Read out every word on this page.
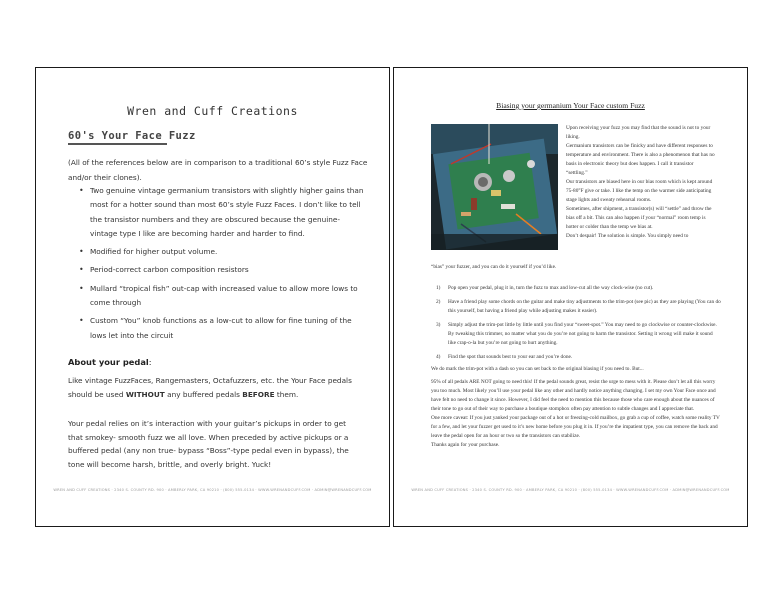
Wren and Cuff Creations
60's Your Face Fuzz
(All of the references below are in comparison to a traditional 60’s style Fuzz Face and/or their clones).
• Two genuine vintage germanium transistors with slightly higher gains than most for a hotter sound than most 60’s style Fuzz Faces. I don’t like to tell the transistor numbers and they are obscured because the genuine-vintage type I like are becoming harder and harder to find.
• Modified for higher output volume.
• Period-correct carbon composition resistors
• Mullard “tropical fish” out-cap with increased value to allow more lows to come through
• Custom “You” knob functions as a low-cut to allow for fine tuning of the lows let into the circuit
About your pedal:
Like vintage FuzzFaces, Rangemasters, Octafuzzers, etc. the Your Face pedals should be used WITHOUT any buffered pedals BEFORE them.
Your pedal relies on it’s interaction with your guitar’s pickups in order to get that smokey- smooth fuzz we all love. When preceded by active pickups or a buffered pedal (any non true- bypass “Boss”-type pedal even in bypass), the tone will become harsh, brittle, and overly bright. Yuck!
WREN AND CUFF CREATIONS · 2340 S. COUNTY RD. 900 · AMBERLY PARK, CA 90210 · (800) 555-0134 · WWW.WRENANDCUFF.COM · ADMIN@WRENANDCUFF.COM
Biasing your germanium Your Face custom Fuzz

Upon receiving your fuzz you may find that the sound is not to your liking.

Germanium transistors can be finicky and have different responses to temperature and environment. There is also a phenomenon that has no basis in electronic theory but does happen. I call it transistor “settling.”

Our transistors are biased here in our bias room which is kept around 75-80°F give or take. I like the temp on the warmer side anticipating stage lights and sweaty rehearsal rooms.

Sometimes, after shipment, a transistor(s) will “settle” and throw the bias off a bit. This can also happen if your “normal” room temp is hotter or colder than the temp we bias at.

Don’t despair! The solution is simple. You simply need to

“bias” your fuzzer, and you can do it yourself if you’d like.
1) Pop open your pedal, plug it in, turn the fuzz to max and low-cut all the way clock-wise (no cut).
2) Have a friend play some chords on the guitar and make tiny adjustments to the trim-pot (see pic) as they are playing (You can do this yourself, but having a friend play while adjusting makes it easier).
3) Simply adjust the trim-pot little by little until you find your “sweet-spot.” You may need to go clockwise or counter-clockwise. By tweaking this trimmer, no matter what you do you’re not going to harm the transistor. Setting it wrong will make it sound like crap-o-la but you’re not going to hurt anything.
4) Find the spot that sounds best to your ear and you’re done.
We do mark the trim-pot with a dash so you can set back to the original biasing if you need to. But...

95% of all pedals ARE NOT going to need this! If the pedal sounds great, resist the urge to mess with it. Please don’t let all this worry you too much. Most likely you’ll use your pedal like any other and hardly notice anything changing. I set my own Your Face once and have felt no need to change it since. However, I did feel the need to mention this because those who care enough about the nuances of their tone to go out of their way to purchase a boutique stompbox often pay attention to subtle changes and I appreciate that.

One more caveat: If you just yanked your package out of a hot or freezing-cold mailbox, go grab a cup of coffee, watch some reality TV for a few, and let your fuzzer get used to it’s new home before you plug it in. If you’re the impatient type, you can remove the back and leave the pedal open for an hour or two so the transistors can stabilize.

Thanks again for your purchase.

WREN AND CUFF CREATIONS · 2340 S. COUNTY RD. 900 · AMBERLY PARK, CA 90210 · (800) 555-0134 · WWW.WRENANDCUFF.COM · ADMIN@WRENANDCUFF.COM
